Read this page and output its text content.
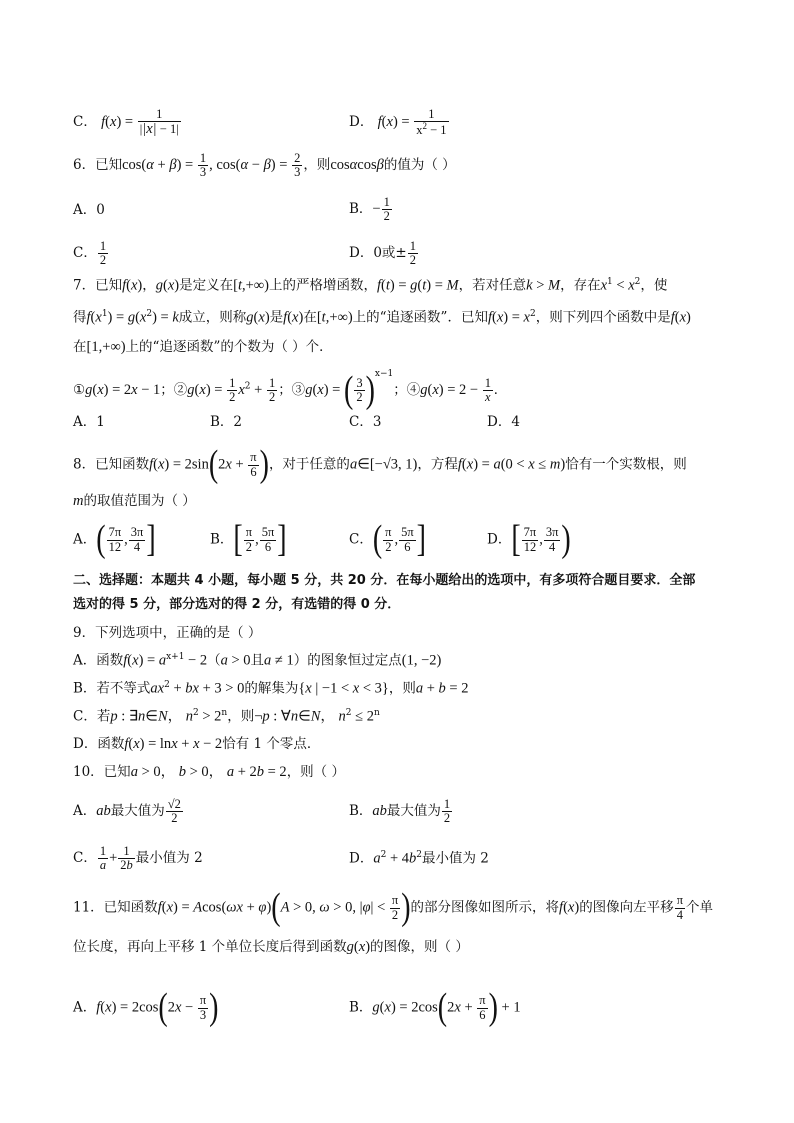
C． $f(x) = \frac{1}{||x| - 1|}$	D． $f(x) = \frac{1}{x^2 - 1}$
6．已知$\cos(\alpha + \beta) = \frac{1}{3}$ , $\cos(\alpha - \beta) = \frac{2}{3}$ ，则cosαcosβ的值为（ ）
A．0	B．− $\frac{1}{2}$
C． $\frac{1}{2}$	D．0或± $\frac{1}{2}$
7．已知f(x)，g(x)是定义在[t,+∞)上的严格增函数，f(t) = g(t) = M，若对任意k > M，存在$x^1 < x^2$，使
得$f(x^1) = g(x^2) = k$成立，则称g(x)是f(x)在[t,+∞)上的“追逐函数”．已知$f(x) = x^2$，则下列四个函数中是f(x)
在[1,+∞)上的“追逐函数”的个数为（ ）个．
①g(x) = 2x − 1；②g(x) = $\frac{1}{2} x^2 + \frac{1}{2}$ ；③g(x) = ( $\frac{3}{2} )^{x-1}$；④g(x) = $2 - \frac{1}{x}$ .
A．1	B．2	C．3	D．4
8．已知函数$f(x) = 2\sin(2x + \frac{\pi}{6}$ )，对于任意的a∈[−√3, 1)，方程f(x) = a(0 < x ≤ m)恰有一个实数根，则
m的取值范围为（ ）
A．( $\frac{7\pi}{12}$ , $\frac{3\pi}{4}$ ]	B．[ $\frac{\pi}{2}$ , $\frac{5\pi}{6}$ ]	C．( $\frac{\pi}{2}$ , $\frac{5\pi}{6}$ ]	D．[ $\frac{7\pi}{12}$ , $\frac{3\pi}{4}$ )
二、选择题：本题共 4 小题，每小题 5 分，共 20 分．在每小题给出的选项中，有多项符合题目要求．全部
选对的得 5 分，部分选对的得 2 分，有选错的得 0 分．
9．下列选项中，正确的是（ ）
A．函数$f(x) = a^{x+1} - 2(a > 0$且a ≠ 1）的图象恒过定点(1, −2)
B．若不等式$ax^2$ + bx + 3 > 0的解集为{x | −1 < x < 3}，则a + b = 2
C．若p : ∃n∈N， $n^2 > 2^n$，则¬p : ∀n∈N， $n^2 \le 2^n$
D．函数f(x) = lnx + x − 2恰有 1 个零点．
10．已知a > 0， b > 0， a + 2b = 2，则（ ）
A．ab最大值为 $\frac{√2}{2}$	B．ab最大值为 $\frac{1}{2}$
C． $\frac{1}{a} + \frac{1}{2b}$ 最小值为 2	D．$a^2 + 4b^2$最小值为 2
11．已知函数f(x) = Acos(ωx + φ)(A > 0, ω > 0, $|\varphi| < \frac{\pi}{2}$ )的部分图像如图所示，将f(x)的图像向左平移 $\frac{\pi}{4}$ 个单
位长度，再向上平移 1 个单位长度后得到函数g(x)的图像，则（ ）
A．$f(x) = 2\cos(2x - \frac{\pi}{3}$ )	B．$g(x) = 2\cos(2x + \frac{\pi}{6}$ ) + 1
